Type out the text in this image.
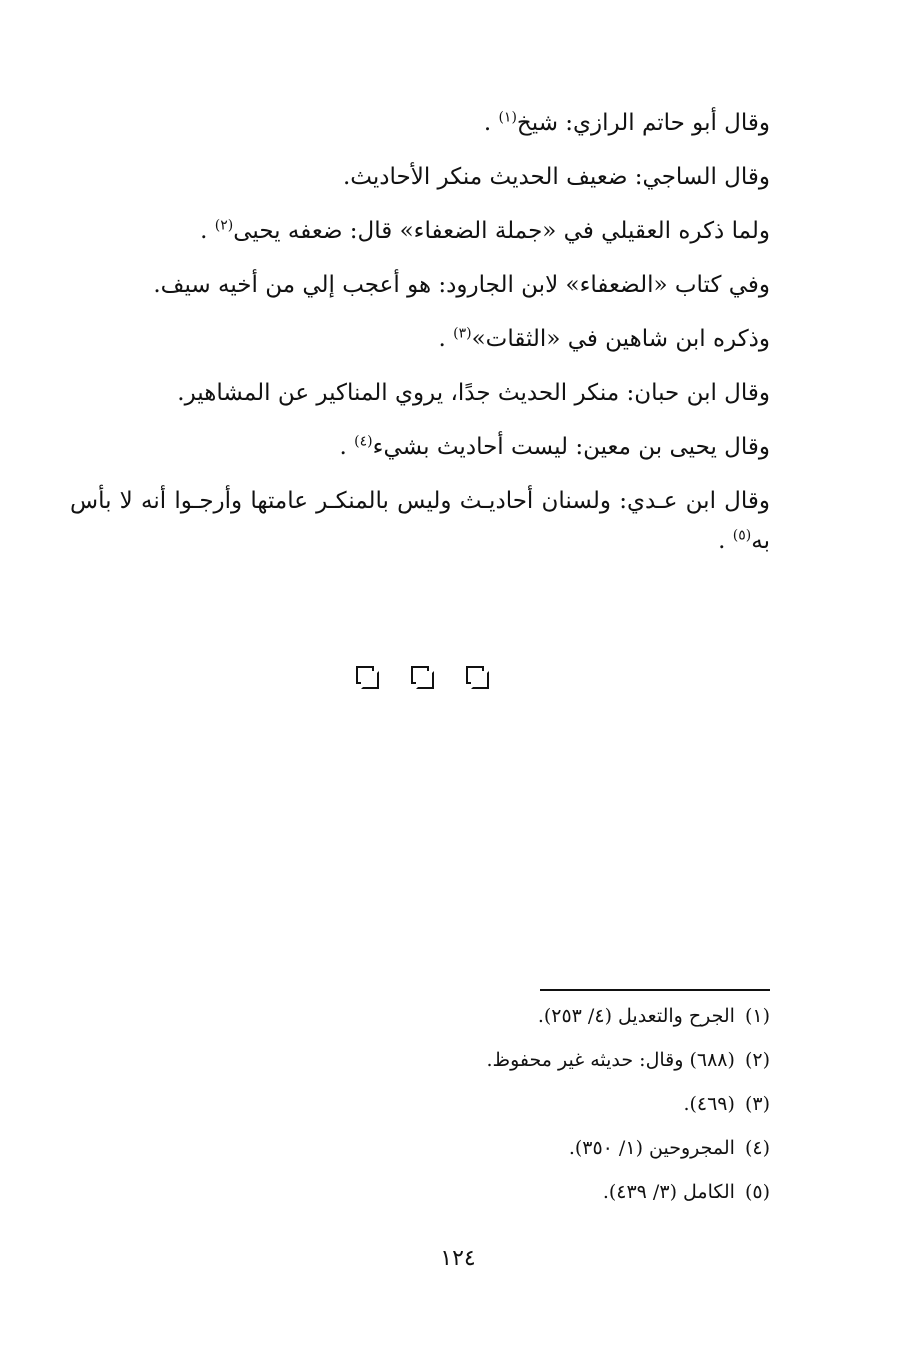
وقال أبو حاتم الرازي: شيخ$^{(١)}$ .
وقال الساجي: ضعيف الحديث منكر الأحاديث.
ولما ذكره العقيلي في «جملة الضعفاء» قال: ضعفه يحيى$^{(٢)}$ .
وفي كتاب «الضعفاء» لابن الجارود: هو أعجب إلي من أخيه سيف.
وذكره ابن شاهين في «الثقات»$^{(٣)}$ .
وقال ابن حبان: منكر الحديث جدًا، يروي المناكير عن المشاهير.
وقال يحيى بن معين: ليست أحاديث بشيء$^{(٤)}$ .
وقال ابن عـدي: ولسنان أحاديـث وليس بالمنكـر عامتها وأرجـوا أنه لا بأس به$^{(٥)}$ .
(١)الجرح والتعديل (٤/ ٢٥٣).
(٢)(٦٨٨) وقال: حديثه غير محفوظ.
(٣)(٤٦٩).
(٤)المجروحين (١/ ٣٥٠).
(٥)الكامل (٣/ ٤٣٩).
١٢٤
